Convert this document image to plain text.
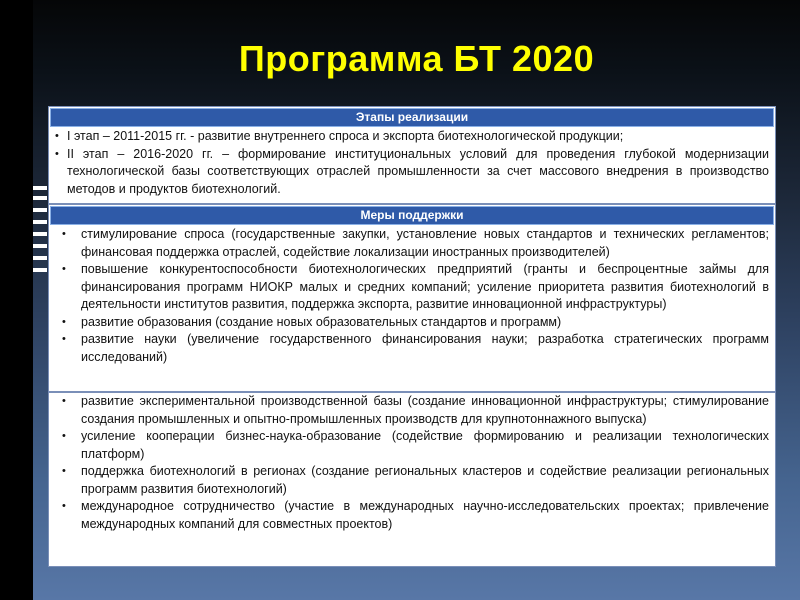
Программа БТ 2020
Этапы реализации
• I этап – 2011-2015 гг. - развитие внутреннего спроса и экспорта биотехнологической продукции;
• II этап – 2016-2020 гг. – формирование институциональных условий для проведения глубокой модернизации технологической базы соответствующих отраслей промышленности за счет массового внедрения в производство методов и продуктов биотехнологий.
Меры поддержки
• стимулирование спроса (государственные закупки, установление новых стандартов и технических регламентов; финансовая поддержка отраслей, содействие локализации иностранных производителей)
• повышение конкурентоспособности биотехнологических предприятий (гранты и беспроцентные займы для финансирования программ НИОКР малых и средних компаний; усиление приоритета развития биотехнологий в деятельности институтов развития, поддержка экспорта, развитие инновационной инфраструктуры)
• развитие образования (создание новых образовательных стандартов и программ)
• развитие науки (увеличение государственного финансирования науки; разработка стратегических программ исследований)
• развитие экспериментальной производственной базы (создание инновационной инфраструктуры; стимулирование создания промышленных и опытно-промышленных производств для крупнотоннажного выпуска)
• усиление кооперации бизнес-наука-образование (содействие формированию и реализации технологических платформ)
• поддержка биотехнологий в регионах (создание региональных кластеров и содействие реализации региональных программ развития биотехнологий)
• международное сотрудничество (участие в международных научно-исследовательских проектах; привлечение международных компаний для совместных проектов)
